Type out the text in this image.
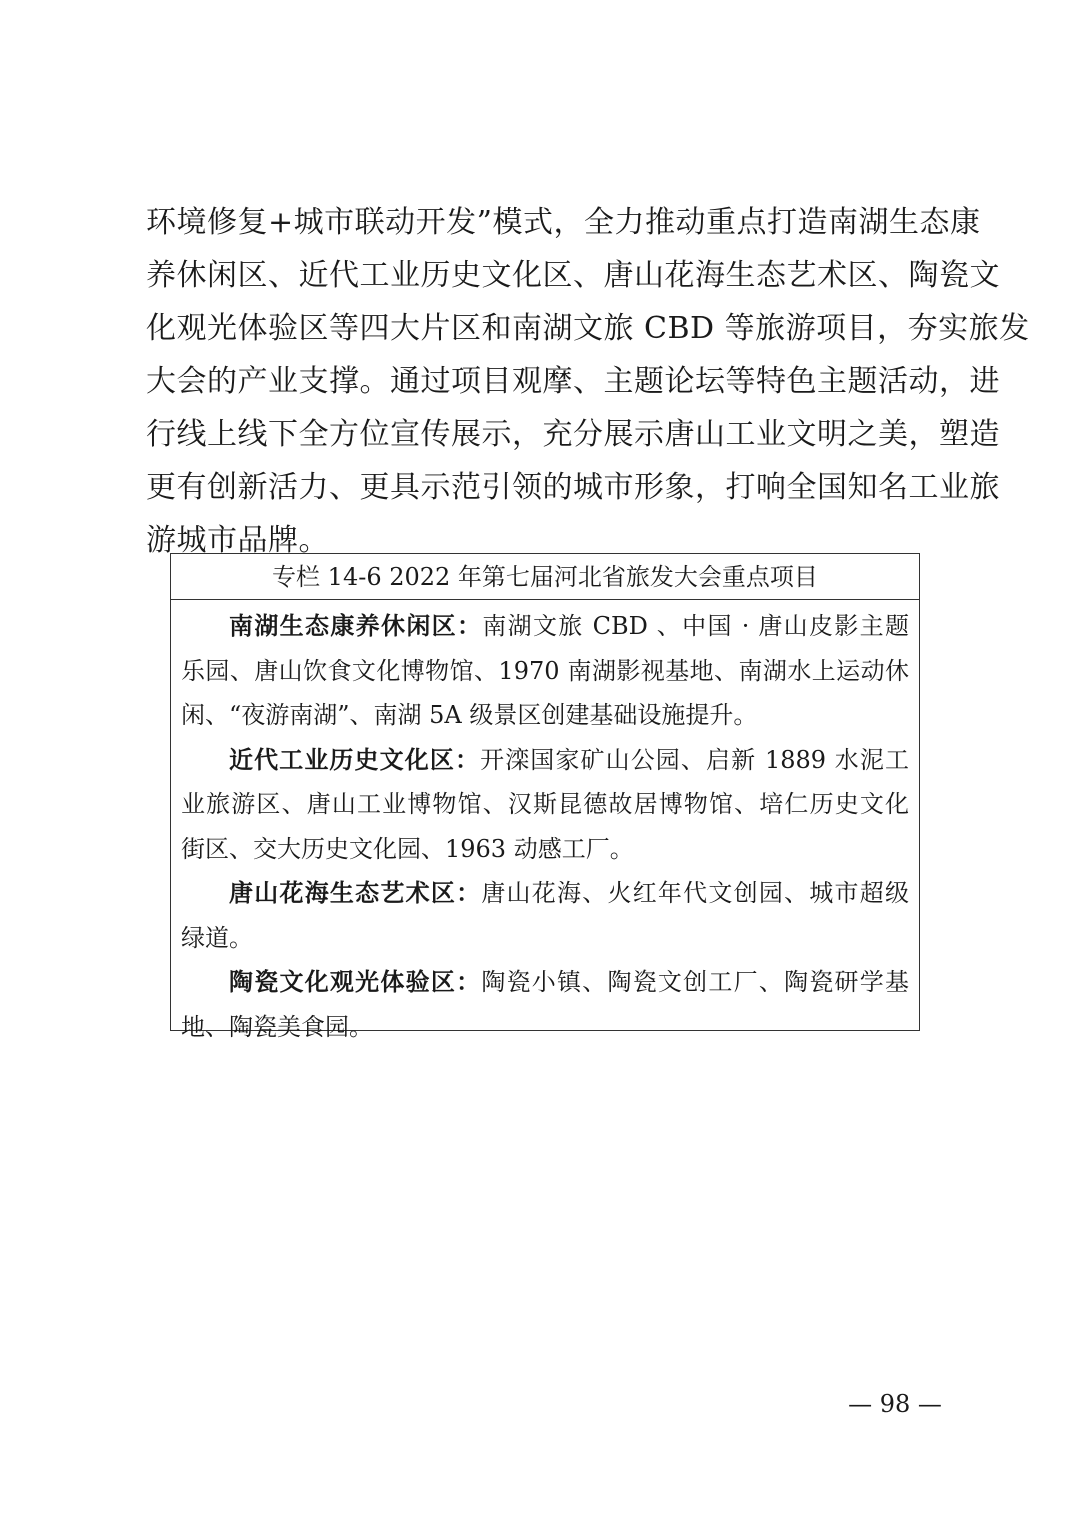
环境修复+城市联动开发”模式，全力推动重点打造南湖生态康
养休闲区、近代工业历史文化区、唐山花海生态艺术区、陶瓷文
化观光体验区等四大片区和南湖文旅 CBD 等旅游项目，夯实旅发
大会的产业支撑。通过项目观摩、主题论坛等特色主题活动，进
行线上线下全方位宣传展示，充分展示唐山工业文明之美，塑造
更有创新活力、更具示范引领的城市形象，打响全国知名工业旅
游城市品牌。
专栏 14-6 2022 年第七届河北省旅发大会重点项目
南湖生态康养休闲区：南湖文旅 CBD 、中国 · 唐山皮影主题
乐园、唐山饮食文化博物馆、1970 南湖影视基地、南湖水上运动休
闲、“夜游南湖”、南湖 5A 级景区创建基础设施提升。
近代工业历史文化区：开滦国家矿山公园、启新 1889 水泥工
业旅游区、唐山工业博物馆、汉斯昆德故居博物馆、培仁历史文化
街区、交大历史文化园、1963 动感工厂。
唐山花海生态艺术区：唐山花海、火红年代文创园、城市超级
绿道。
陶瓷文化观光体验区：陶瓷小镇、陶瓷文创工厂、陶瓷研学基
地、陶瓷美食园。
— 98 —
